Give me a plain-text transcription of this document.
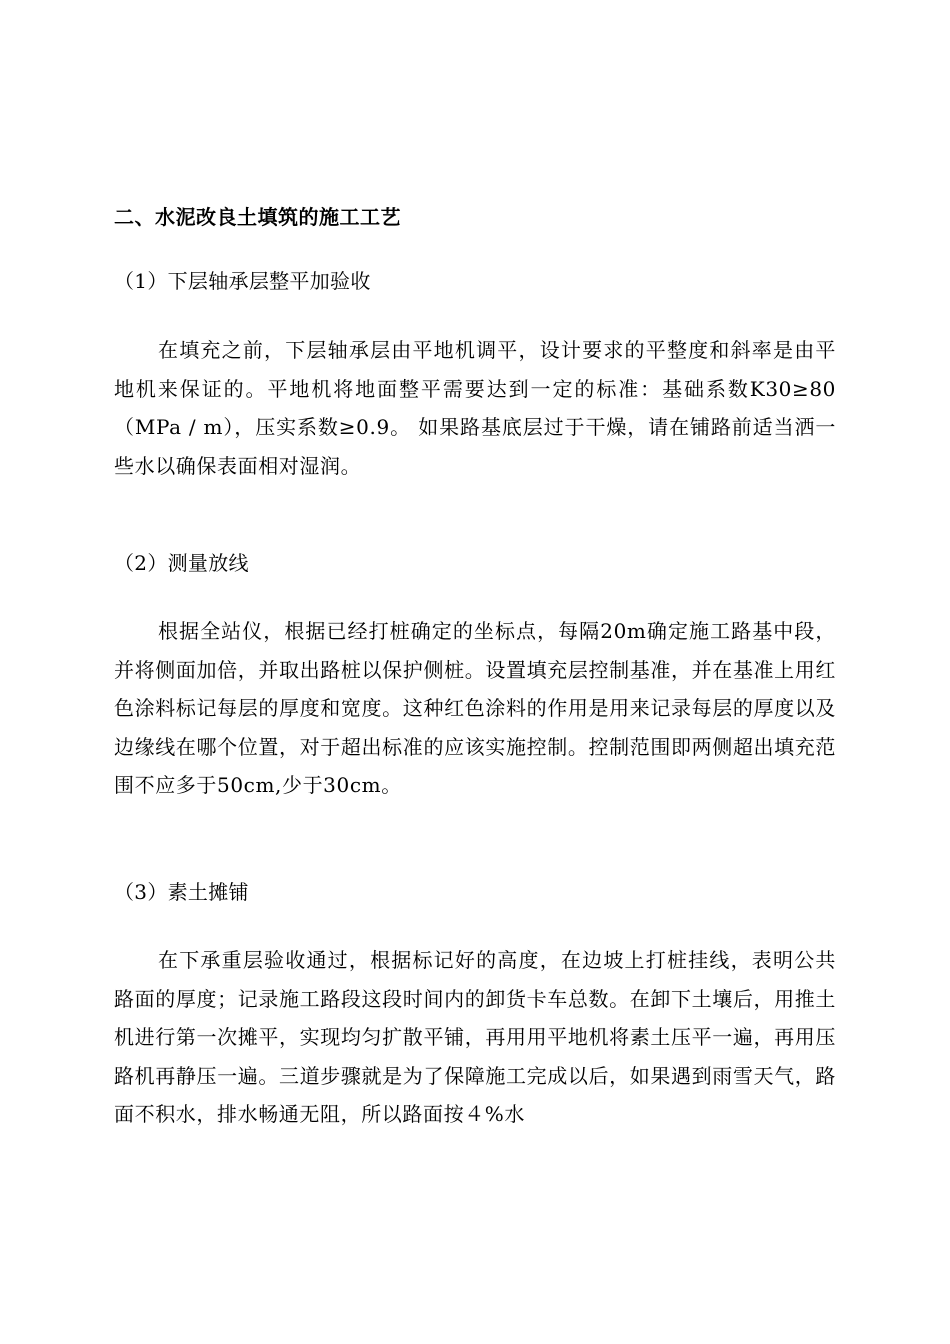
二、水泥改良土填筑的施工工艺
（1）下层轴承层整平加验收

在填充之前，下层轴承层由平地机调平，设计要求的平整度和斜率是由平地机来保证的。平地机将地面整平需要达到一定的标准：基础系数K30≥80（MPa / m），压实系数≥0.9。 如果路基底层过于干燥，请在铺路前适当洒一些水以确保表面相对湿润。

（2）测量放线

根据全站仪，根据已经打桩确定的坐标点，每隔20m确定施工路基中段，并将侧面加倍，并取出路桩以保护侧桩。设置填充层控制基准，并在基准上用红色涂料标记每层的厚度和宽度。这种红色涂料的作用是用来记录每层的厚度以及边缘线在哪个位置，对于超出标准的应该实施控制。控制范围即两侧超出填充范围不应多于50cm,少于30cm。

（3）素土摊铺

在下承重层验收通过，根据标记好的高度，在边坡上打桩挂线，表明公共路面的厚度；记录施工路段这段时间内的卸货卡车总数。在卸下土壤后，用推土机进行第一次摊平，实现均匀扩散平铺，再用用平地机将素土压平一遍，再用压路机再静压一遍。三道步骤就是为了保障施工完成以后，如果遇到雨雪天气，路面不积水，排水畅通无阻，所以路面按４%水
